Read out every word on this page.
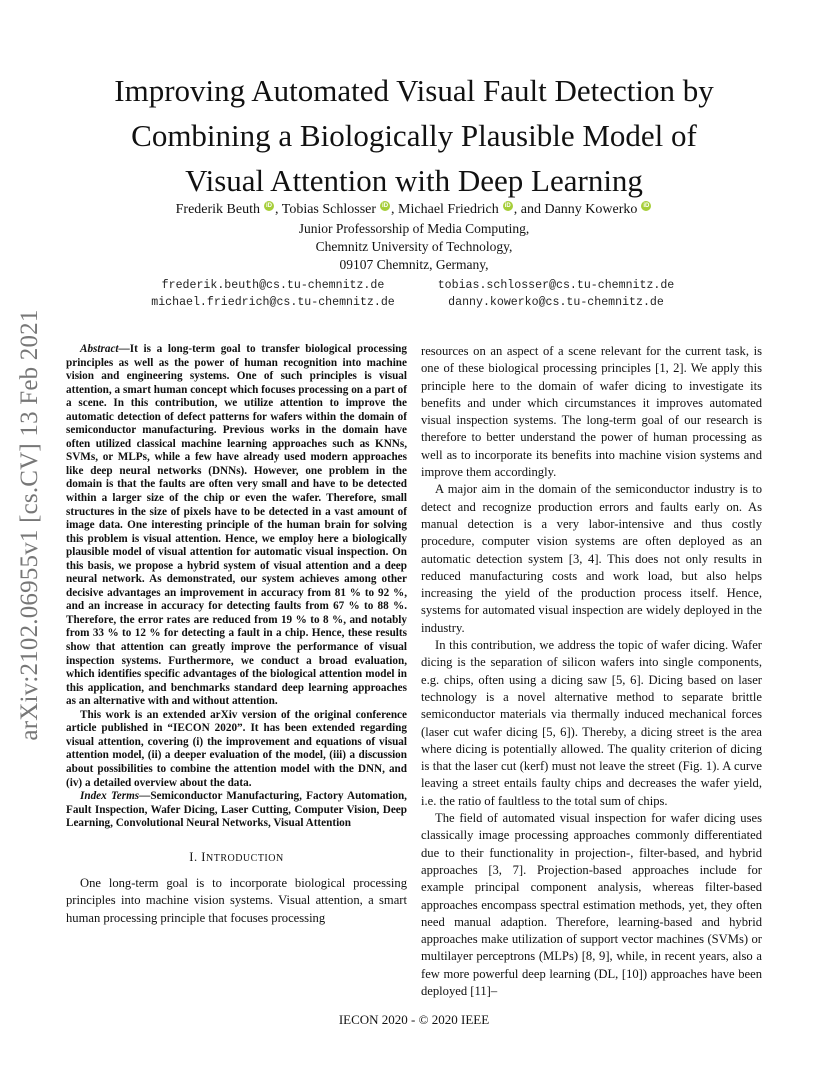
arXiv:2102.06955v1 [cs.CV] 13 Feb 2021
Improving Automated Visual Fault Detection by
Combining a Biologically Plausible Model of
Visual Attention with Deep Learning
Frederik Beuth iD , Tobias Schlosser iD , Michael Friedrich iD , and Danny Kowerko iD
Junior Professorship of Media Computing,
Chemnitz University of Technology,
09107 Chemnitz, Germany,
frederik.beuth@cs.tu-chemnitz.de
michael.friedrich@cs.tu-chemnitz.de
tobias.schlosser@cs.tu-chemnitz.de
danny.kowerko@cs.tu-chemnitz.de

Abstract—It is a long-term goal to transfer biological processing principles as well as the power of human recognition into machine vision and engineering systems. One of such principles is visual attention, a smart human concept which focuses processing on a part of a scene. In this contribution, we utilize attention to improve the automatic detection of defect patterns for wafers within the domain of semiconductor manufacturing. Previous works in the domain have often utilized classical machine learning approaches such as KNNs, SVMs, or MLPs, while a few have already used modern approaches like deep neural networks (DNNs). However, one problem in the domain is that the faults are often very small and have to be detected within a larger size of the chip or even the wafer. Therefore, small structures in the size of pixels have to be detected in a vast amount of image data. One interesting principle of the human brain for solving this problem is visual attention. Hence, we employ here a biologically plausible model of visual attention for automatic visual inspection. On this basis, we propose a hybrid system of visual attention and a deep neural network. As demonstrated, our system achieves among other decisive advantages an improvement in accuracy from 81 % to 92 %, and an increase in accuracy for detecting faults from 67 % to 88 %. Therefore, the error rates are reduced from 19 % to 8 %, and notably from 33 % to 12 % for detecting a fault in a chip. Hence, these results show that attention can greatly improve the performance of visual inspection systems. Furthermore, we conduct a broad evaluation, which identifies specific advantages of the biological attention model in this application, and benchmarks standard deep learning approaches as an alternative with and without attention.

This work is an extended arXiv version of the original conference article published in “IECON 2020”. It has been extended regarding visual attention, covering (i) the improvement and equations of visual attention model, (ii) a deeper evaluation of the model, (iii) a discussion about possibilities to combine the attention model with the DNN, and (iv) a detailed overview about the data.

Index Terms—Semiconductor Manufacturing, Factory Automation, Fault Inspection, Wafer Dicing, Laser Cutting, Computer Vision, Deep Learning, Convolutional Neural Networks, Visual Attention

I. INTRODUCTION

One long-term goal is to incorporate biological processing principles into machine vision systems. Visual attention, a smart human processing principle that focuses processing

resources on an aspect of a scene relevant for the current task, is one of these biological processing principles [1, 2]. We apply this principle here to the domain of wafer dicing to investigate its benefits and under which circumstances it improves automated visual inspection systems. The long-term goal of our research is therefore to better understand the power of human processing as well as to incorporate its benefits into machine vision systems and improve them accordingly.

A major aim in the domain of the semiconductor industry is to detect and recognize production errors and faults early on. As manual detection is a very labor-intensive and thus costly procedure, computer vision systems are often deployed as an automatic detection system [3, 4]. This does not only results in reduced manufacturing costs and work load, but also helps increasing the yield of the production process itself. Hence, systems for automated visual inspection are widely deployed in the industry.

In this contribution, we address the topic of wafer dicing. Wafer dicing is the separation of silicon wafers into single components, e.g. chips, often using a dicing saw [5, 6]. Dicing based on laser technology is a novel alternative method to separate brittle semiconductor materials via thermally induced mechanical forces (laser cut wafer dicing [5, 6]). Thereby, a dicing street is the area where dicing is potentially allowed. The quality criterion of dicing is that the laser cut (kerf) must not leave the street (Fig. 1). A curve leaving a street entails faulty chips and decreases the wafer yield, i.e. the ratio of faultless to the total sum of chips.

The field of automated visual inspection for wafer dicing uses classically image processing approaches commonly differentiated due to their functionality in projection-, filter-based, and hybrid approaches [3, 7]. Projection-based approaches include for example principal component analysis, whereas filter-based approaches encompass spectral estimation methods, yet, they often need manual adaption. Therefore, learning-based and hybrid approaches make utilization of support vector machines (SVMs) or multilayer perceptrons (MLPs) [8, 9], while, in recent years, also a few more powerful deep learning (DL, [10]) approaches have been deployed [11]–

IECON 2020 - © 2020 IEEE
